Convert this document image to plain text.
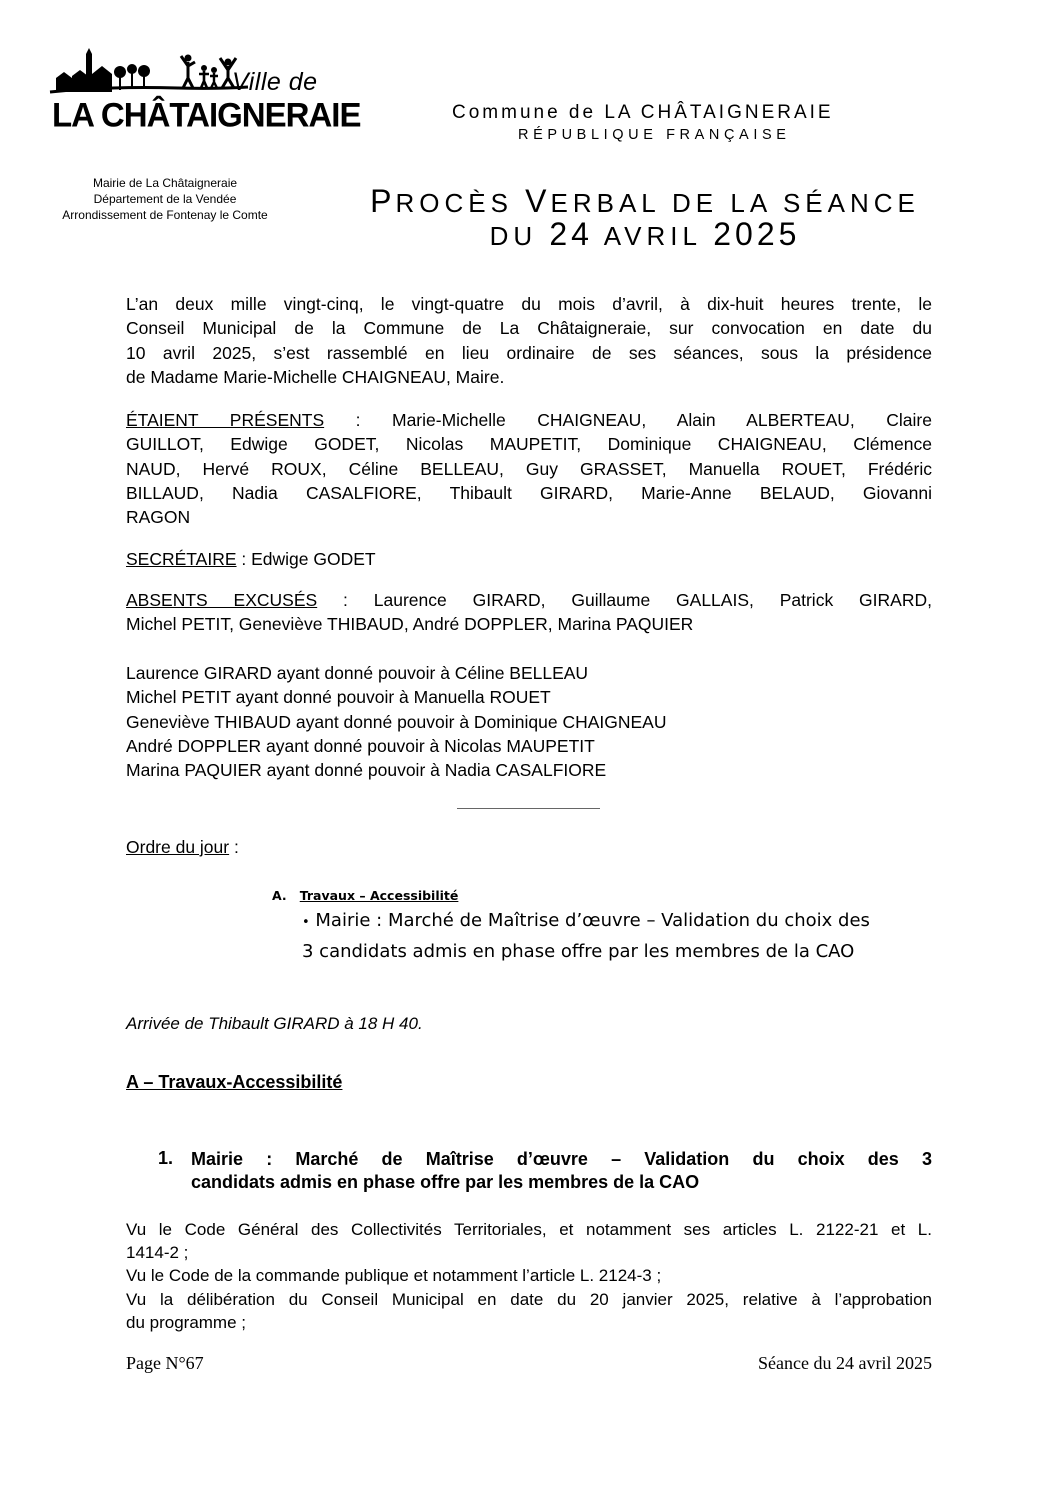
Ville de
LA CHÂTAIGNERAIE	Commune de LA CHÂTAIGNERAIE
RÉPUBLIQUE FRANÇAISE
Mairie de La Châtaigneraie
Département de la Vendée
Arrondissement de Fontenay le Comte	PROCÈS VERBAL DE LA SÉANCE
DU 24 AVRIL 2025
L’an deux mille vingt-cinq, le vingt-quatre du mois d’avril, à dix-huit heures trente, le
Conseil Municipal de la Commune de La Châtaigneraie, sur convocation en date du
10 avril 2025, s’est rassemblé en lieu ordinaire de ses séances, sous la présidence
de Madame Marie-Michelle CHAIGNEAU, Maire.
ÉTAIENT PRÉSENTS : Marie-Michelle CHAIGNEAU, Alain ALBERTEAU, Claire
GUILLOT, Edwige GODET, Nicolas MAUPETIT, Dominique CHAIGNEAU, Clémence
NAUD, Hervé ROUX, Céline BELLEAU, Guy GRASSET, Manuella ROUET, Frédéric
BILLAUD, Nadia CASALFIORE, Thibault GIRARD, Marie-Anne BELAUD, Giovanni
RAGON
SECRÉTAIRE : Edwige GODET
ABSENTS EXCUSÉS : Laurence GIRARD, Guillaume GALLAIS, Patrick GIRARD,
Michel PETIT, Geneviève THIBAUD, André DOPPLER, Marina PAQUIER
Laurence GIRARD ayant donné pouvoir à Céline BELLEAU
Michel PETIT ayant donné pouvoir à Manuella ROUET
Geneviève THIBAUD ayant donné pouvoir à Dominique CHAIGNEAU
André DOPPLER ayant donné pouvoir à Nicolas MAUPETIT
Marina PAQUIER ayant donné pouvoir à Nadia CASALFIORE
Ordre du jour :
A. Travaux – Accessibilité
• Mairie : Marché de Maîtrise d’œuvre – Validation du choix des
3 candidats admis en phase offre par les membres de la CAO
Arrivée de Thibault GIRARD à 18 H 40.
A – Travaux-Accessibilité
1. Mairie : Marché de Maîtrise d’œuvre – Validation du choix des 3
candidats admis en phase offre par les membres de la CAO
Vu le Code Général des Collectivités Territoriales, et notamment ses articles L. 2122-21 et L.
1414-2 ;
Vu le Code de la commande publique et notamment l’article L. 2124-3 ;
Vu la délibération du Conseil Municipal en date du 20 janvier 2025, relative à l’approbation
du programme ;
Page N°67	Séance du 24 avril 2025
